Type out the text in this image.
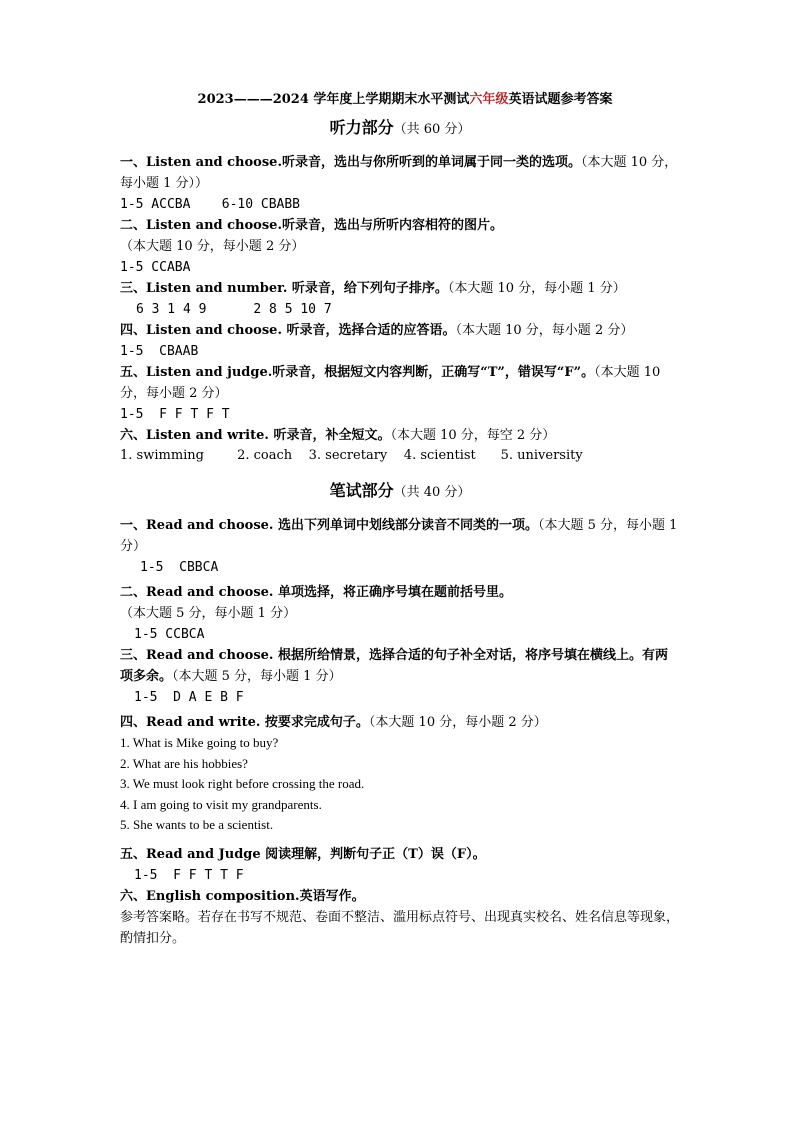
2023———2024 学年度上学期期末水平测试六年级英语试题参考答案
听力部分（共 60 分）
一、Listen and choose.听录音，选出与你所听到的单词属于同一类的选项。（本大题 10 分，每小题 1 分））
1-5 ACCBA    6-10 CBABB
二、Listen and choose.听录音，选出与所听内容相符的图片。（本大题 10 分，每小题 2 分）
1-5 CCABA
三、Listen and number. 听录音，给下列句子排序。（本大题 10 分，每小题 1 分）
6 3 1 4 9      2 8 5 10 7
四、Listen and choose. 听录音，选择合适的应答语。（本大题 10 分，每小题 2 分）
1-5  CBAAB
五、Listen and judge.听录音，根据短文内容判断，正确写“T”，错误写“F”。（本大题 10 分，每小题 2 分）
1-5  F F T F T
六、Listen and write. 听录音，补全短文。（本大题 10 分，每空 2 分）
1. swimming	2. coach 3. secretary 4. scientist 5. university
笔试部分（共 40 分）
一、Read and choose. 选出下列单词中划线部分读音不同类的一项。（本大题 5 分，每小题 1 分）
1-5  CBBCA
二、Read and choose. 单项选择，将正确序号填在题前括号里。（本大题 5 分，每小题 1 分）
1-5 CCBCA
三、Read and choose. 根据所给情景，选择合适的句子补全对话，将序号填在横线上。有两项多余。（本大题 5 分，每小题 1 分）
1-5  D A E B F
四、Read and write. 按要求完成句子。（本大题 10 分，每小题 2 分）
1. What is Mike going to buy?
2. What are his hobbies?
3. We must look right before crossing the road.
4. I am going to visit my grandparents.
5. She wants to be a scientist.
五、Read and Judge 阅读理解，判断句子正（T）误（F）。
1-5  F F T T F
六、English composition.英语写作。
参考答案略。若存在书写不规范、卷面不整洁、滥用标点符号、出现真实校名、姓名信息等现象，酌情扣分。
